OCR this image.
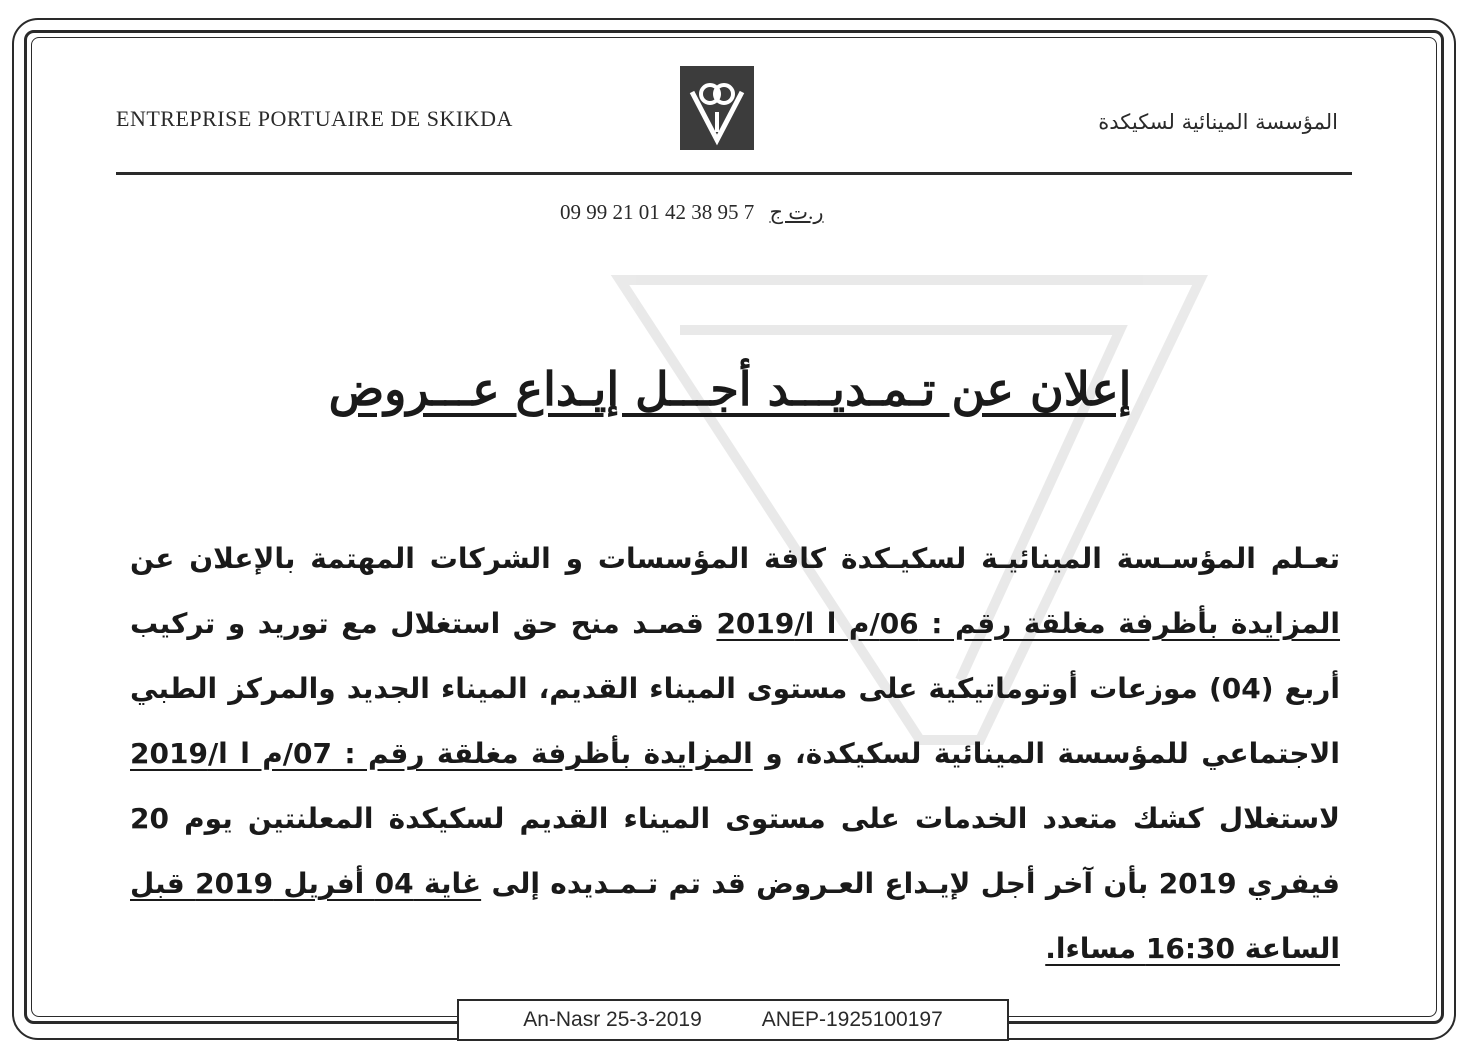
ENTREPRISE PORTUAIRE DE SKIKDA	المؤسسة المينائية لسكيكدة
09 99 21 01 42 38 95 7 ر.ت ج
إعلان عن تـمـديـــد أجـــل إيـداع عـــروض
تعـلم المؤسـسة المينائيـة لسكيـكدة كافة المؤسسات و الشركات المهتمة بالإعلان عن المزايدة بأظرفة مغلقة رقم : 06/م ا ا/2019 قصـد منح حق استغلال مع توريد و تركيب أربع (04) موزعات أوتوماتيكية على مستوى الميناء القديم، الميناء الجديد والمركز الطبي الاجتماعي للمؤسسة المينائية لسكيكدة، و المزايدة بأظرفة مغلقة رقم : 07/م ا ا/2019 لاستغلال كشك متعدد الخدمات على مستوى الميناء القديم لسكيكدة المعلنتين يوم 20 فيفري 2019 بأن آخر أجل لإيـداع العـروض قد تم تـمـديده إلى غاية 04 أفريل 2019 قبل الساعة 16:30 مساءا.
An-Nasr 25-3-2019	ANEP-1925100197
